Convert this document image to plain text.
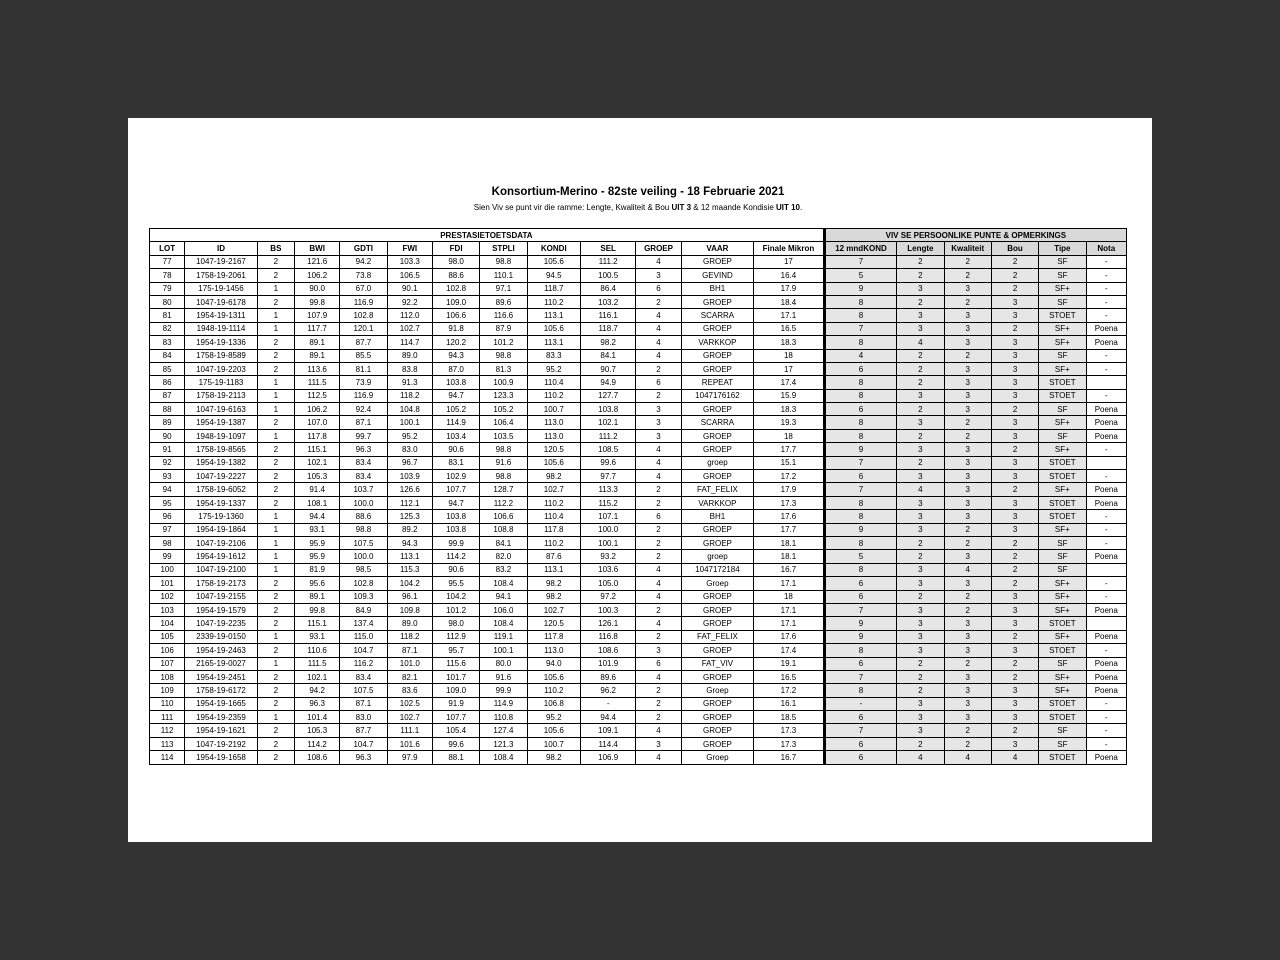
Konsortium-Merino - 82ste veiling - 18 Februarie 2021
Sien Viv se punt vir die ramme: Lengte, Kwaliteit & Bou UIT 3 & 12 maande Kondisie UIT 10.
PRESTASIETOETSDATA													VIV SE PERSOONLIKE PUNTE & OPMERKINGS					
LOT	ID	BS	BWI	GDTI	FWI	FDI	STPLI	KONDI	SEL	GROEP	VAAR	Finale Mikron	12 mndKOND	Lengte	Kwaliteit	Bou	Tipe	Nota
77	1047-19-2167	2	121.6	94.2	103.3	98.0	98.8	105.6	111.2	4	GROEP	17	7	2	2	2	SF	-
78	1758-19-2061	2	106.2	73.8	106.5	88.6	110.1	94.5	100.5	3	GEVIND	16.4	5	2	2	2	SF	-
79	175-19-1456	1	90.0	67.0	90.1	102.8	97.1	118.7	86.4	6	BH1	17.9	9	3	3	2	SF+	-
80	1047-19-6178	2	99.8	116.9	92.2	109.0	89.6	110.2	103.2	2	GROEP	18.4	8	2	2	3	SF	-
81	1954-19-1311	1	107.9	102.8	112.0	106.6	116.6	113.1	116.1	4	SCARRA	17.1	8	3	3	3	STOET	-
82	1948-19-1114	1	117.7	120.1	102.7	91.8	87.9	105.6	118.7	4	GROEP	16.5	7	3	3	2	SF+	Poena
83	1954-19-1336	2	89.1	87.7	114.7	120.2	101.2	113.1	98.2	4	VARKKOP	18.3	8	4	3	3	SF+	Poena
84	1758-19-8589	2	89.1	85.5	89.0	94.3	98.8	83.3	84.1	4	GROEP	18	4	2	2	3	SF	-
85	1047-19-2203	2	113.6	81.1	83.8	87.0	81.3	95.2	90.7	2	GROEP	17	6	2	3	3	SF+	-
86	175-19-1183	1	111.5	73.9	91.3	103.8	100.9	110.4	94.9	6	REPEAT	17.4	8	2	3	3	STOET	
87	1758-19-2113	1	112.5	116.9	118.2	94.7	123.3	110.2	127.7	2	1047176162	15.9	8	3	3	3	STOET	-
88	1047-19-6163	1	106.2	92.4	104.8	105.2	105.2	100.7	103.8	3	GROEP	18.3	6	2	3	2	SF	Poena
89	1954-19-1387	2	107.0	87.1	100.1	114.9	106.4	113.0	102.1	3	SCARRA	19.3	8	3	2	3	SF+	Poena
90	1948-19-1097	1	117.8	99.7	95.2	103.4	103.5	113.0	111.2	3	GROEP	18	8	2	2	3	SF	Poena
91	1758-19-8565	2	115.1	96.3	83.0	90.6	98.8	120.5	108.5	4	GROEP	17.7	9	3	3	2	SF+	-
92	1954-19-1382	2	102.1	83.4	96.7	83.1	91.6	105.6	99.6	4	groep	15.1	7	2	3	3	STOET	
93	1047-19-2227	2	105.3	83.4	103.9	102.9	98.8	98.2	97.7	4	GROEP	17.2	6	3	3	3	STOET	-
94	1758-19-6052	2	91.4	103.7	126.6	107.7	128.7	102.7	113.3	2	FAT_FELIX	17.9	7	4	3	2	SF+	Poena
95	1954-19-1337	2	108.1	100.0	112.1	94.7	112.2	110.2	115.2	2	VARKKOP	17.3	8	3	3	3	STOET	Poena
96	175-19-1360	1	94.4	88.6	125.3	103.8	106.6	110.4	107.1	6	BH1	17.6	8	3	3	3	STOET	-
97	1954-19-1864	1	93.1	98.8	89.2	103.8	108.8	117.8	100.0	2	GROEP	17.7	9	3	2	3	SF+	-
98	1047-19-2106	1	95.9	107.5	94.3	99.9	84.1	110.2	100.1	2	GROEP	18.1	8	2	2	2	SF	-
99	1954-19-1612	1	95.9	100.0	113.1	114.2	82.0	87.6	93.2	2	groep	18.1	5	2	3	2	SF	Poena
100	1047-19-2100	1	81.9	98.5	115.3	90.6	83.2	113.1	103.6	4	1047172184	16.7	8	3	4	2	SF	
101	1758-19-2173	2	95.6	102.8	104.2	95.5	108.4	98.2	105.0	4	Groep	17.1	6	3	3	2	SF+	-
102	1047-19-2155	2	89.1	109.3	96.1	104.2	94.1	98.2	97.2	4	GROEP	18	6	2	2	3	SF+	-
103	1954-19-1579	2	99.8	84.9	109.8	101.2	106.0	102.7	100.3	2	GROEP	17.1	7	3	2	3	SF+	Poena
104	1047-19-2235	2	115.1	137.4	89.0	98.0	108.4	120.5	126.1	4	GROEP	17.1	9	3	3	3	STOET	
105	2339-19-0150	1	93.1	115.0	118.2	112.9	119.1	117.8	116.8	2	FAT_FELIX	17.6	9	3	3	2	SF+	Poena
106	1954-19-2463	2	110.6	104.7	87.1	95.7	100.1	113.0	108.6	3	GROEP	17.4	8	3	3	3	STOET	-
107	2165-19-0027	1	111.5	116.2	101.0	115.6	80.0	94.0	101.9	6	FAT_VIV	19.1	6	2	2	2	SF	Poena
108	1954-19-2451	2	102.1	83.4	82.1	101.7	91.6	105.6	89.6	4	GROEP	16.5	7	2	3	2	SF+	Poena
109	1758-19-6172	2	94.2	107.5	83.6	109.0	99.9	110.2	96.2	2	Groep	17.2	8	2	3	3	SF+	Poena
110	1954-19-1665	2	96.3	87.1	102.5	91.9	114.9	106.8	-	2	GROEP	16.1	-	3	3	3	STOET	-
111	1954-19-2359	1	101.4	83.0	102.7	107.7	110.8	95.2	94.4	2	GROEP	18.5	6	3	3	3	STOET	-
112	1954-19-1621	2	105.3	87.7	111.1	105.4	127.4	105.6	109.1	4	GROEP	17.3	7	3	2	2	SF	-
113	1047-19-2192	2	114.2	104.7	101.6	99.6	121.3	100.7	114.4	3	GROEP	17.3	6	2	2	3	SF	-
114	1954-19-1658	2	108.6	96.3	97.9	88.1	108.4	98.2	106.9	4	Groep	16.7	6	4	4	4	STOET	Poena
